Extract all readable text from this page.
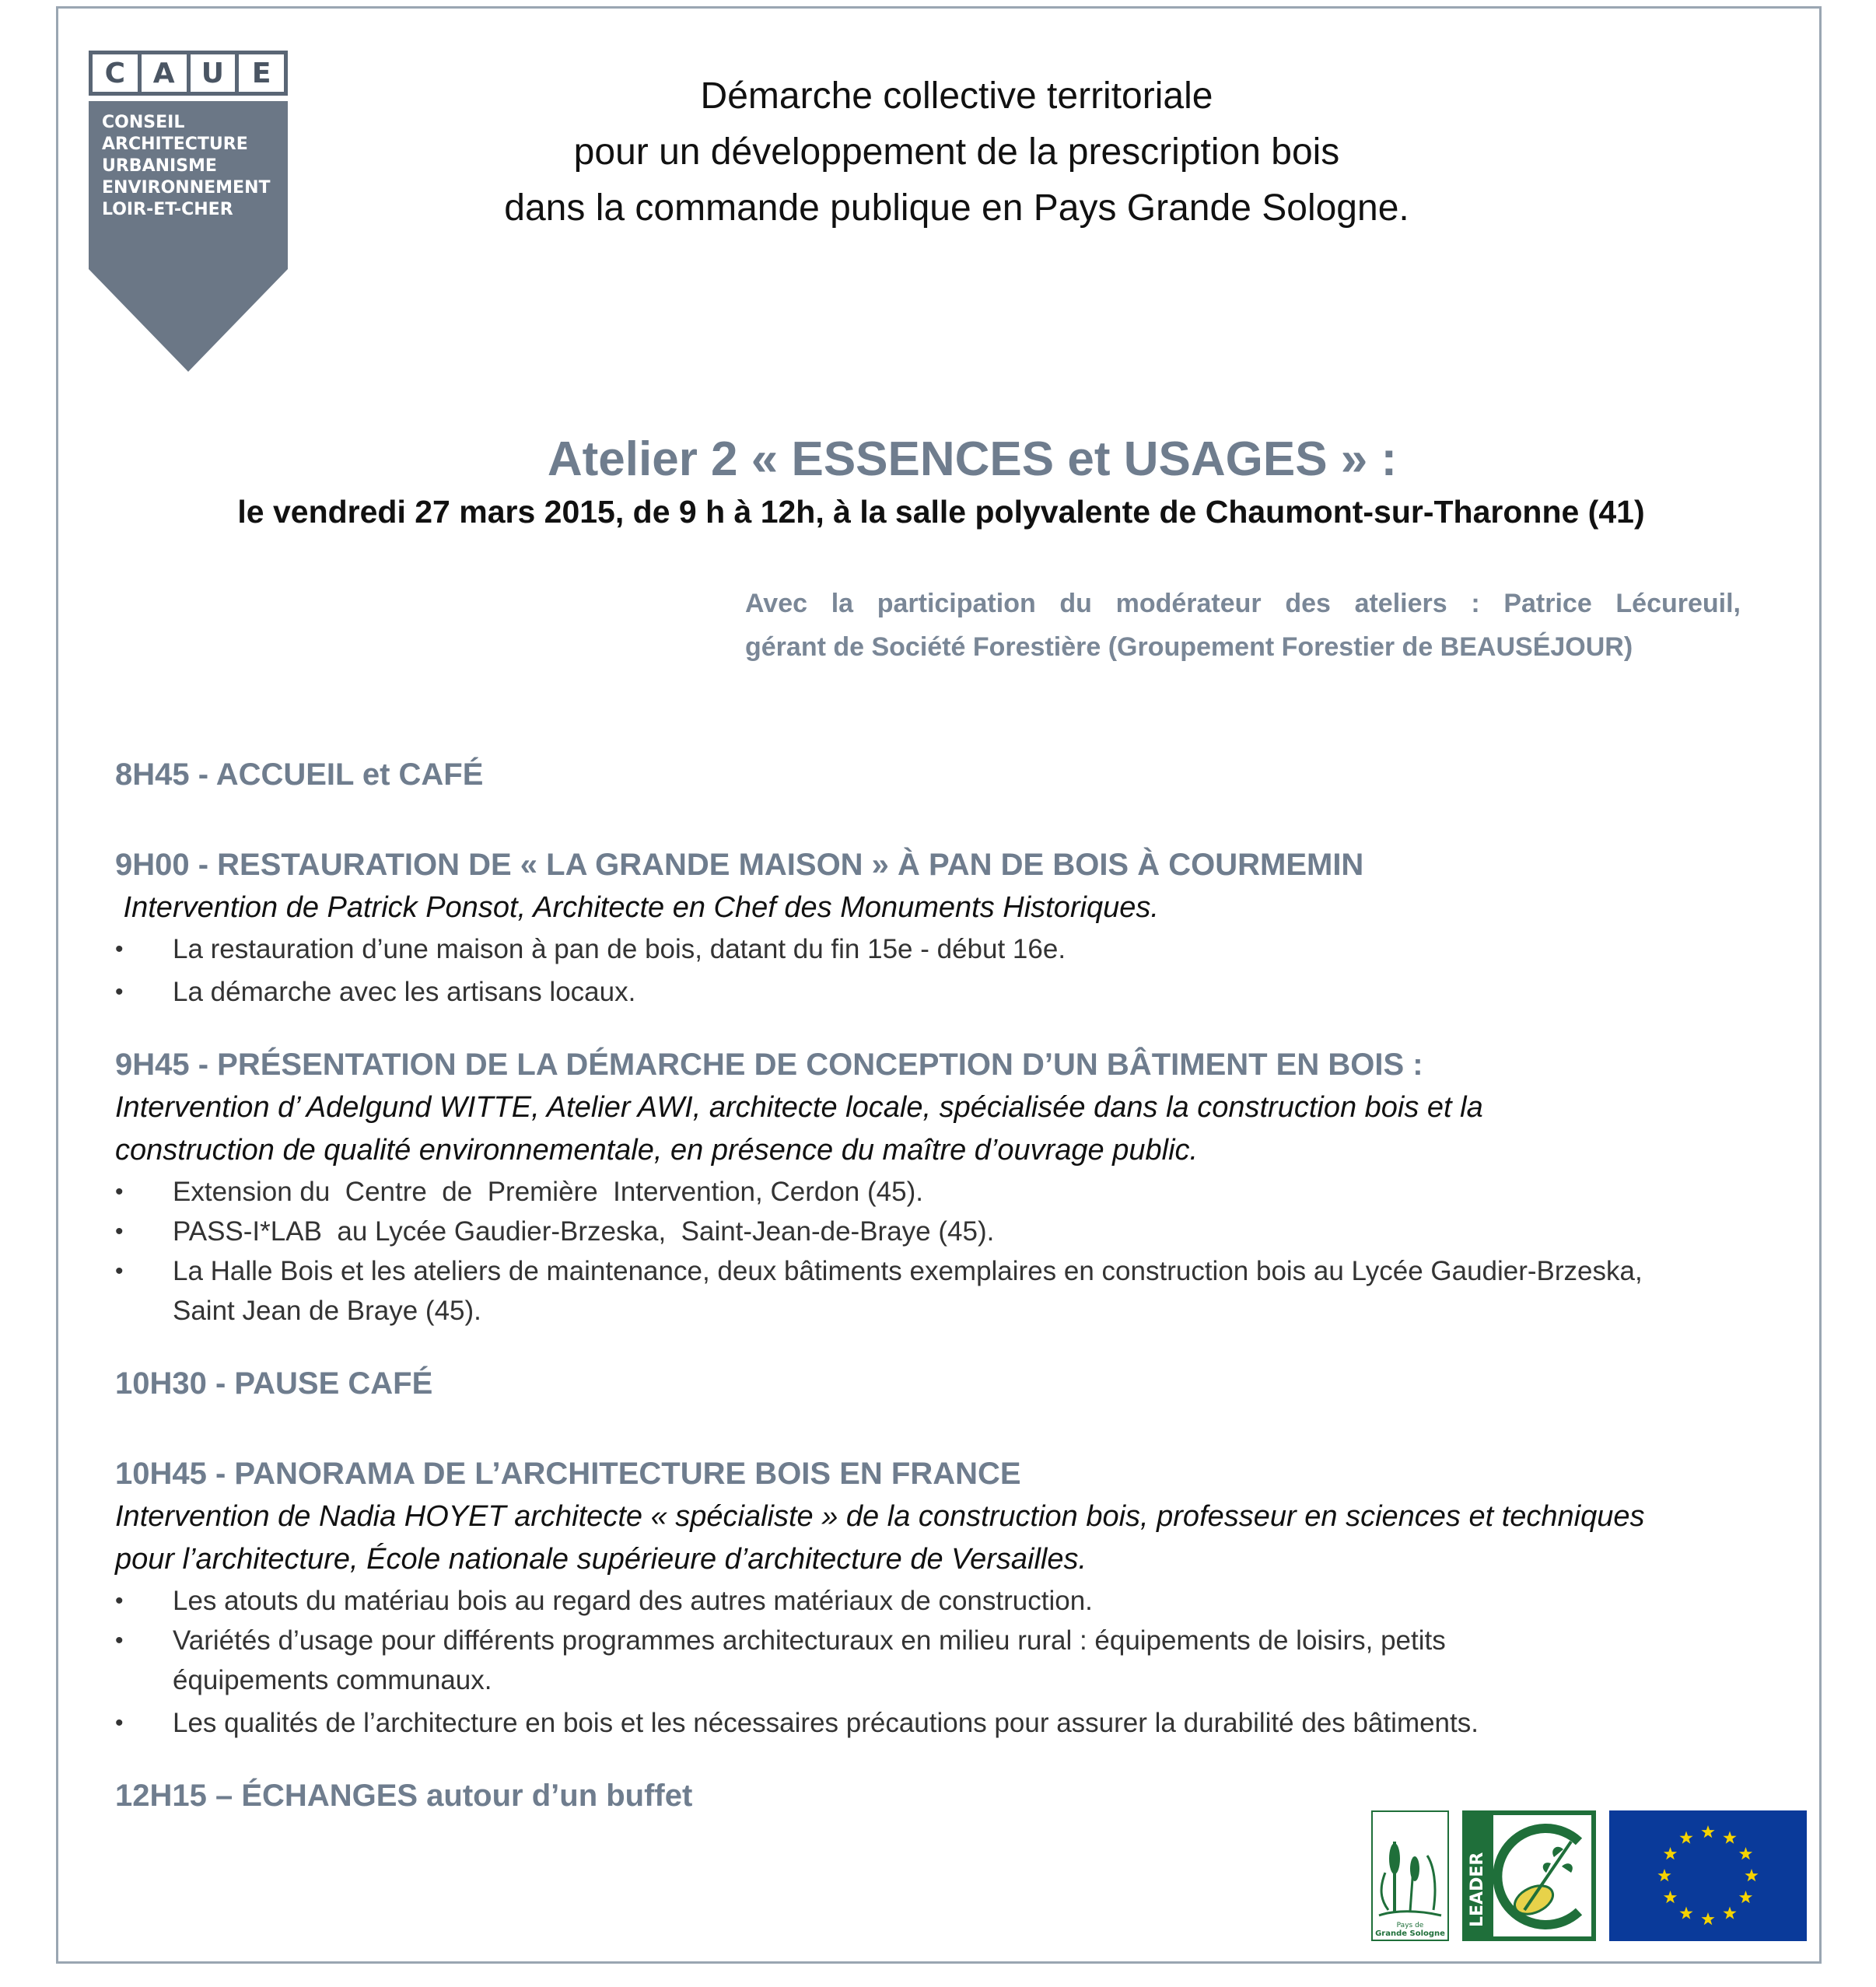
C A U E
CONSEIL
ARCHITECTURE
URBANISME
ENVIRONNEMENT
LOIR-ET-CHER
Démarche collective territoriale
pour un développement de la prescription bois
dans la commande publique en Pays Grande Sologne.
Atelier 2 « ESSENCES et USAGES » :
le vendredi 27 mars 2015, de 9 h à 12h, à la salle polyvalente de Chaumont-sur-Tharonne (41)
Avec la participation du modérateur des ateliers : Patrice Lécureuil,
gérant de Société Forestière (Groupement Forestier de BEAUSÉJOUR)
8H45 - ACCUEIL et CAFÉ
9H00 - RESTAURATION DE « LA GRANDE MAISON » À PAN DE BOIS À COURMEMIN
Intervention de Patrick Ponsot, Architecte en Chef des Monuments Historiques.
• La restauration d’une maison à pan de bois, datant du fin 15e - début 16e.
• La démarche avec les artisans locaux.
9H45 - PRÉSENTATION DE LA DÉMARCHE DE CONCEPTION D’UN BÂTIMENT EN BOIS :
Intervention d’ Adelgund WITTE, Atelier AWI, architecte locale, spécialisée dans la construction bois et la
construction de qualité environnementale, en présence du maître d’ouvrage public.
• Extension du  Centre  de  Première  Intervention, Cerdon (45).
• PASS-I*LAB  au Lycée Gaudier-Brzeska,  Saint-Jean-de-Braye (45).
• La Halle Bois et les ateliers de maintenance, deux bâtiments exemplaires en construction bois au Lycée Gaudier-Brzeska,
Saint Jean de Braye (45).
10H30 - PAUSE CAFÉ
10H45 - PANORAMA DE L’ARCHITECTURE BOIS EN FRANCE
Intervention de Nadia HOYET architecte « spécialiste » de la construction bois, professeur en sciences et techniques
pour l’architecture, École nationale supérieure d’architecture de Versailles.
• Les atouts du matériau bois au regard des autres matériaux de construction.
• Variétés d’usage pour différents programmes architecturaux en milieu rural : équipements de loisirs, petits
équipements communaux.
• Les qualités de l’architecture en bois et les nécessaires précautions pour assurer la durabilité des bâtiments.
12H15 – ÉCHANGES autour d’un buffet
Pays de
Grande Sologne
LEADER
